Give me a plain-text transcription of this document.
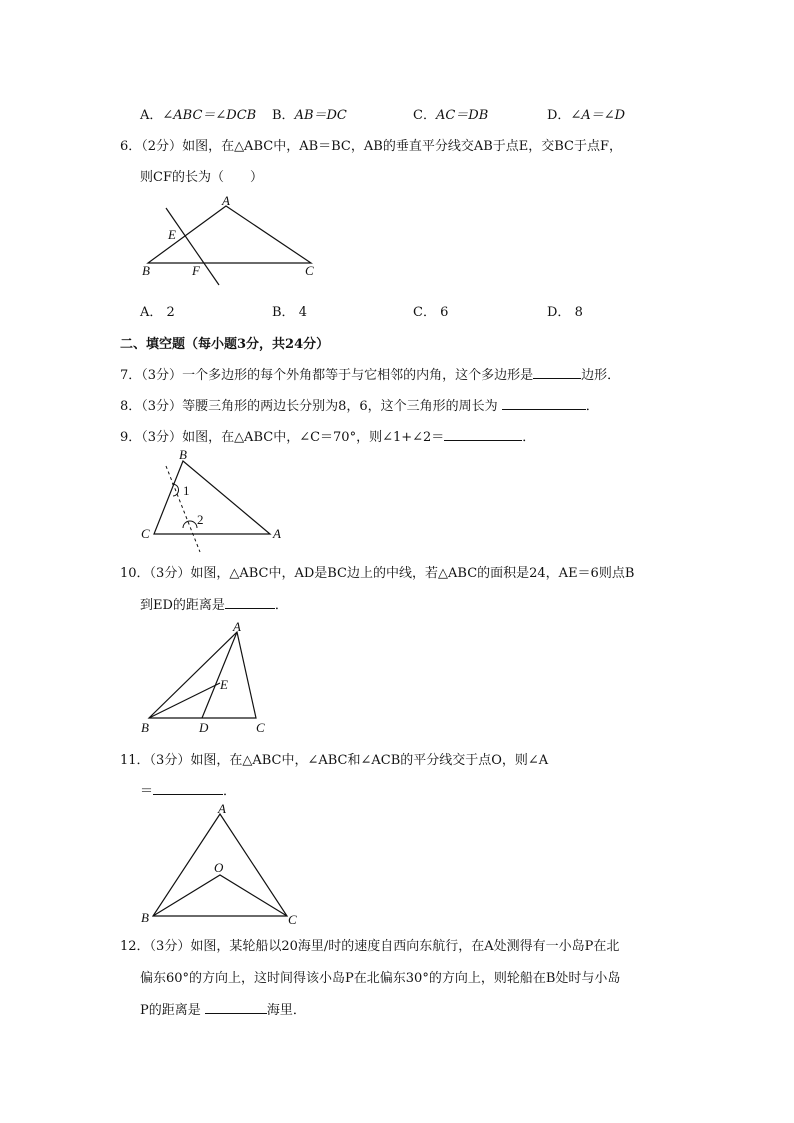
A．∠ABC＝∠DCB B．AB＝DC	C．AC＝DB	D．∠A＝∠D
6．（2分）如图，在△ABC中，AB＝BC，AB的垂直平分线交AB于点E，交BC于点F，
则CF的长为（　　）
A
E
B	F	C
A． 2	B． 4	C． 6	D． 8
二、填空题（每小题3分，共24分）
7．（3分）一个多边形的每个外角都等于与它相邻的内角，这个多边形是	边形．
8．（3分）等腰三角形的两边长分别为8，6，这个三角形的周长为	．
9．（3分）如图，在△ABC中，∠C＝70°，则∠1+∠2＝	．
B
1
2
C	A
10．（3分）如图，△ABC中，AD是BC边上的中线，若△ABC的面积是24，AE＝6则点B
到ED的距离是	．
A
E
B	D	C
11．（3分）如图，在△ABC中，∠ABC和∠ACB的平分线交于点O，则∠A
＝	．
A
O
B	C
12．（3分）如图，某轮船以20海里/时的速度自西向东航行，在A处测得有一小岛P在北
偏东60°的方向上，这时间得该小岛P在北偏东30°的方向上，则轮船在B处时与小岛
P的距离是	海里．
